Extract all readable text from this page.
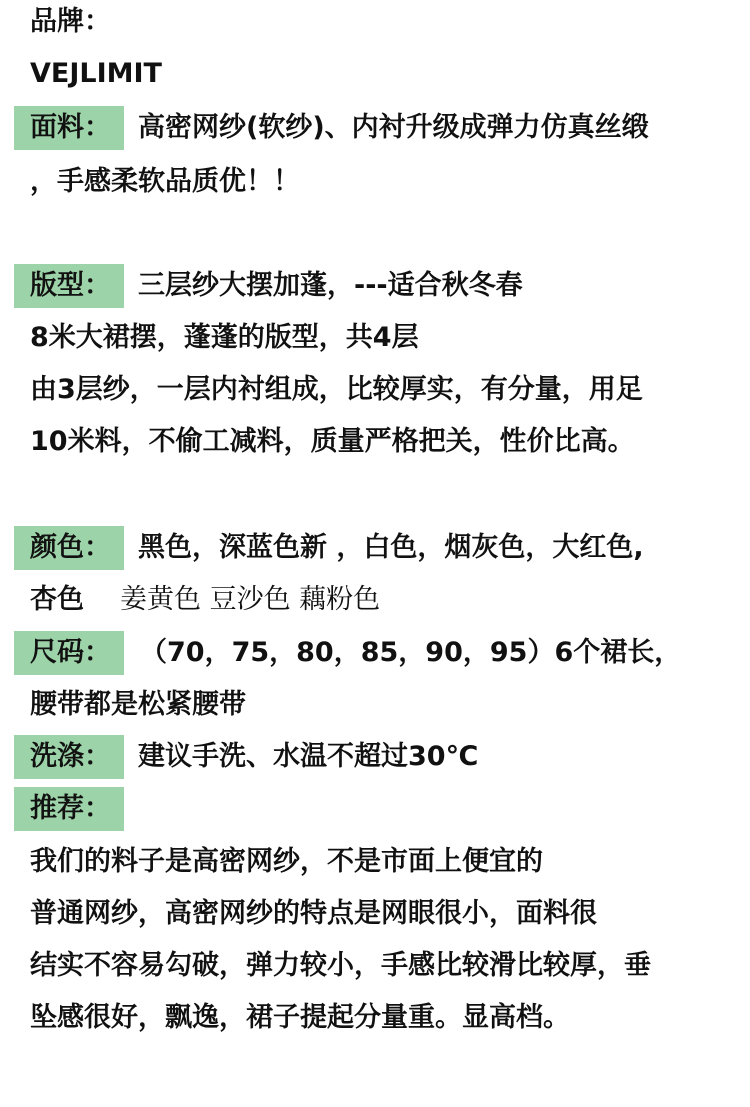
品牌：
VEJLIMIT
面料：	高密网纱(软纱)、内衬升级成弹力仿真丝缎
，手感柔软品质优！！
版型：	三层纱大摆加蓬，---适合秋冬春
8米大裙摆，蓬蓬的版型，共4层
由3层纱，一层内衬组成，比较厚实，有分量，用足
10米料，不偷工减料，质量严格把关，性价比高。
颜色：	黑色，深蓝色新 ，白色，烟灰色，大红色,
杏色 姜黄色 豆沙色 藕粉色
尺码：	（70，75，80，85，90，95）6个裙长，
腰带都是松紧腰带
洗涤：	建议手洗、水温不超过30℃
推荐：
我们的料子是高密网纱，不是市面上便宜的
普通网纱，高密网纱的特点是网眼很小，面料很
结实不容易勾破，弹力较小，手感比较滑比较厚，垂
坠感很好，飘逸，裙子提起分量重。显高档。
